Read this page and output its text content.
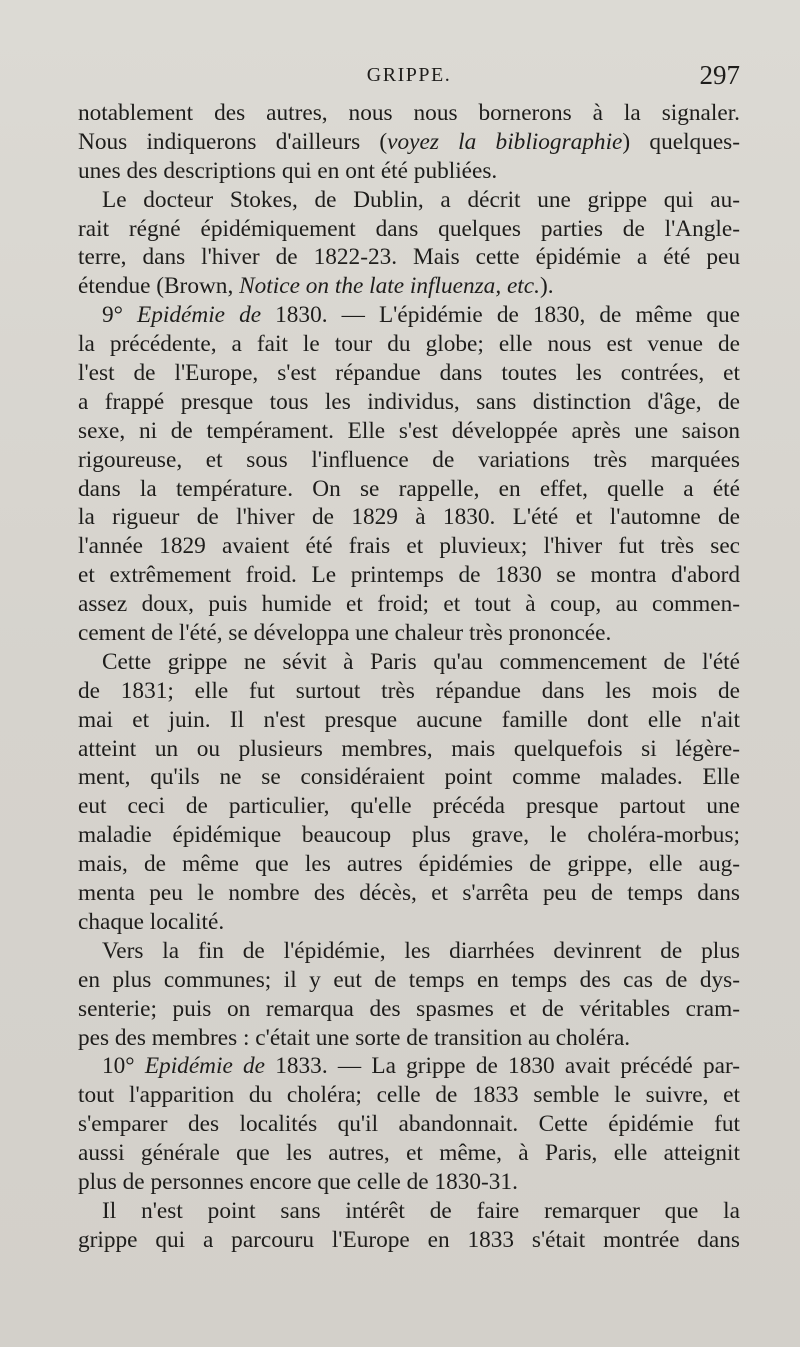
GRIPPE.	297
notablement des autres, nous nous bornerons à la signaler.
Nous indiquerons d'ailleurs (voyez la bibliographie) quelques-
unes des descriptions qui en ont été publiées.
Le docteur Stokes, de Dublin, a décrit une grippe qui au-
rait régné épidémiquement dans quelques parties de l'Angle-
terre, dans l'hiver de 1822-23. Mais cette épidémie a été peu
étendue (Brown, Notice on the late influenza, etc.).
9° Epidémie de 1830. — L'épidémie de 1830, de même que
la précédente, a fait le tour du globe; elle nous est venue de
l'est de l'Europe, s'est répandue dans toutes les contrées, et
a frappé presque tous les individus, sans distinction d'âge, de
sexe, ni de tempérament. Elle s'est développée après une saison
rigoureuse, et sous l'influence de variations très marquées
dans la température. On se rappelle, en effet, quelle a été
la rigueur de l'hiver de 1829 à 1830. L'été et l'automne de
l'année 1829 avaient été frais et pluvieux; l'hiver fut très sec
et extrêmement froid. Le printemps de 1830 se montra d'abord
assez doux, puis humide et froid; et tout à coup, au commen-
cement de l'été, se développa une chaleur très prononcée.
Cette grippe ne sévit à Paris qu'au commencement de l'été
de 1831; elle fut surtout très répandue dans les mois de
mai et juin. Il n'est presque aucune famille dont elle n'ait
atteint un ou plusieurs membres, mais quelquefois si légère-
ment, qu'ils ne se considéraient point comme malades. Elle
eut ceci de particulier, qu'elle précéda presque partout une
maladie épidémique beaucoup plus grave, le choléra-morbus;
mais, de même que les autres épidémies de grippe, elle aug-
menta peu le nombre des décès, et s'arrêta peu de temps dans
chaque localité.
Vers la fin de l'épidémie, les diarrhées devinrent de plus
en plus communes; il y eut de temps en temps des cas de dys-
senterie; puis on remarqua des spasmes et de véritables cram-
pes des membres : c'était une sorte de transition au choléra.
10° Epidémie de 1833. — La grippe de 1830 avait précédé par-
tout l'apparition du choléra; celle de 1833 semble le suivre, et
s'emparer des localités qu'il abandonnait. Cette épidémie fut
aussi générale que les autres, et même, à Paris, elle atteignit
plus de personnes encore que celle de 1830-31.
Il n'est point sans intérêt de faire remarquer que la
grippe qui a parcouru l'Europe en 1833 s'était montrée dans
